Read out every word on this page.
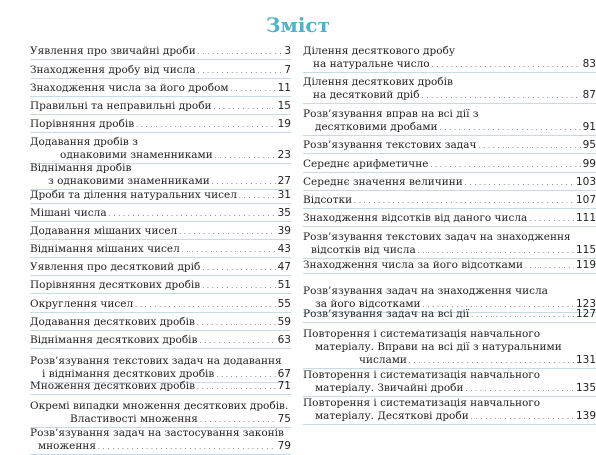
Зміст
Уявлення про звичайні дроби . . .	3
Знаходження дробу від числа . . .	7
Знаходження числа за його дробом . . .	11
Правильні та неправильні дроби . . .	15
Порівняння дробів . . .	19
Додавання дробів з
однаковими знаменниками . . .	23
Віднімання дробів
з однаковими знаменниками . . .	27
Дроби та ділення натуральних чисел . . .	31
Мішані числа . . .	35
Додавання мішаних чисел . . .	39
Віднімання мішаних чисел . . .	43
Уявлення про десятковий дріб . . .	47
Порівняння десяткових дробів . . .	51
Округлення чисел . . .	55
Додавання десяткових дробів . . .	59
Віднімання десяткових дробів . . .	63
Розв’язування текстових задач на додавання
і віднімання десяткових дробів . . .	67
Множення десяткових дробів . . .	71
Окремі випадки множення десяткових дробів.
Властивості множення . . .	75
Розв’язування задач на застосування законів
множення . . .	79
Ділення десяткового дробу
на натуральне число . . .	83
Ділення десяткових дробів
на десятковий дріб . . .	87
Розв’язування вправ на всі дії з
десятковими дробами . . .	91
Розв’язування текстових задач . . .	95
Середнє арифметичне . . .	99
Середнє значення величини . . .	103
Відсотки . . .	107
Знаходження відсотків від даного числа . . .	111
Розв’язування текстових задач на знаходження
відсотків від числа . . .	115
Знаходження числа за його відсотками . . .	119
Розв’язування задач на знаходження числа
за його відсотками . . .	123
Розв’язування задач на всі дії . . .	127
Повторення і систематизація навчального
матеріалу. Вправи на всі дії з натуральними
числами . . .	131
Повторення і систематизація навчального
матеріалу. Звичайні дроби . . .	135
Повторення і систематизація навчального
матеріалу. Десяткові дроби . . .	139
